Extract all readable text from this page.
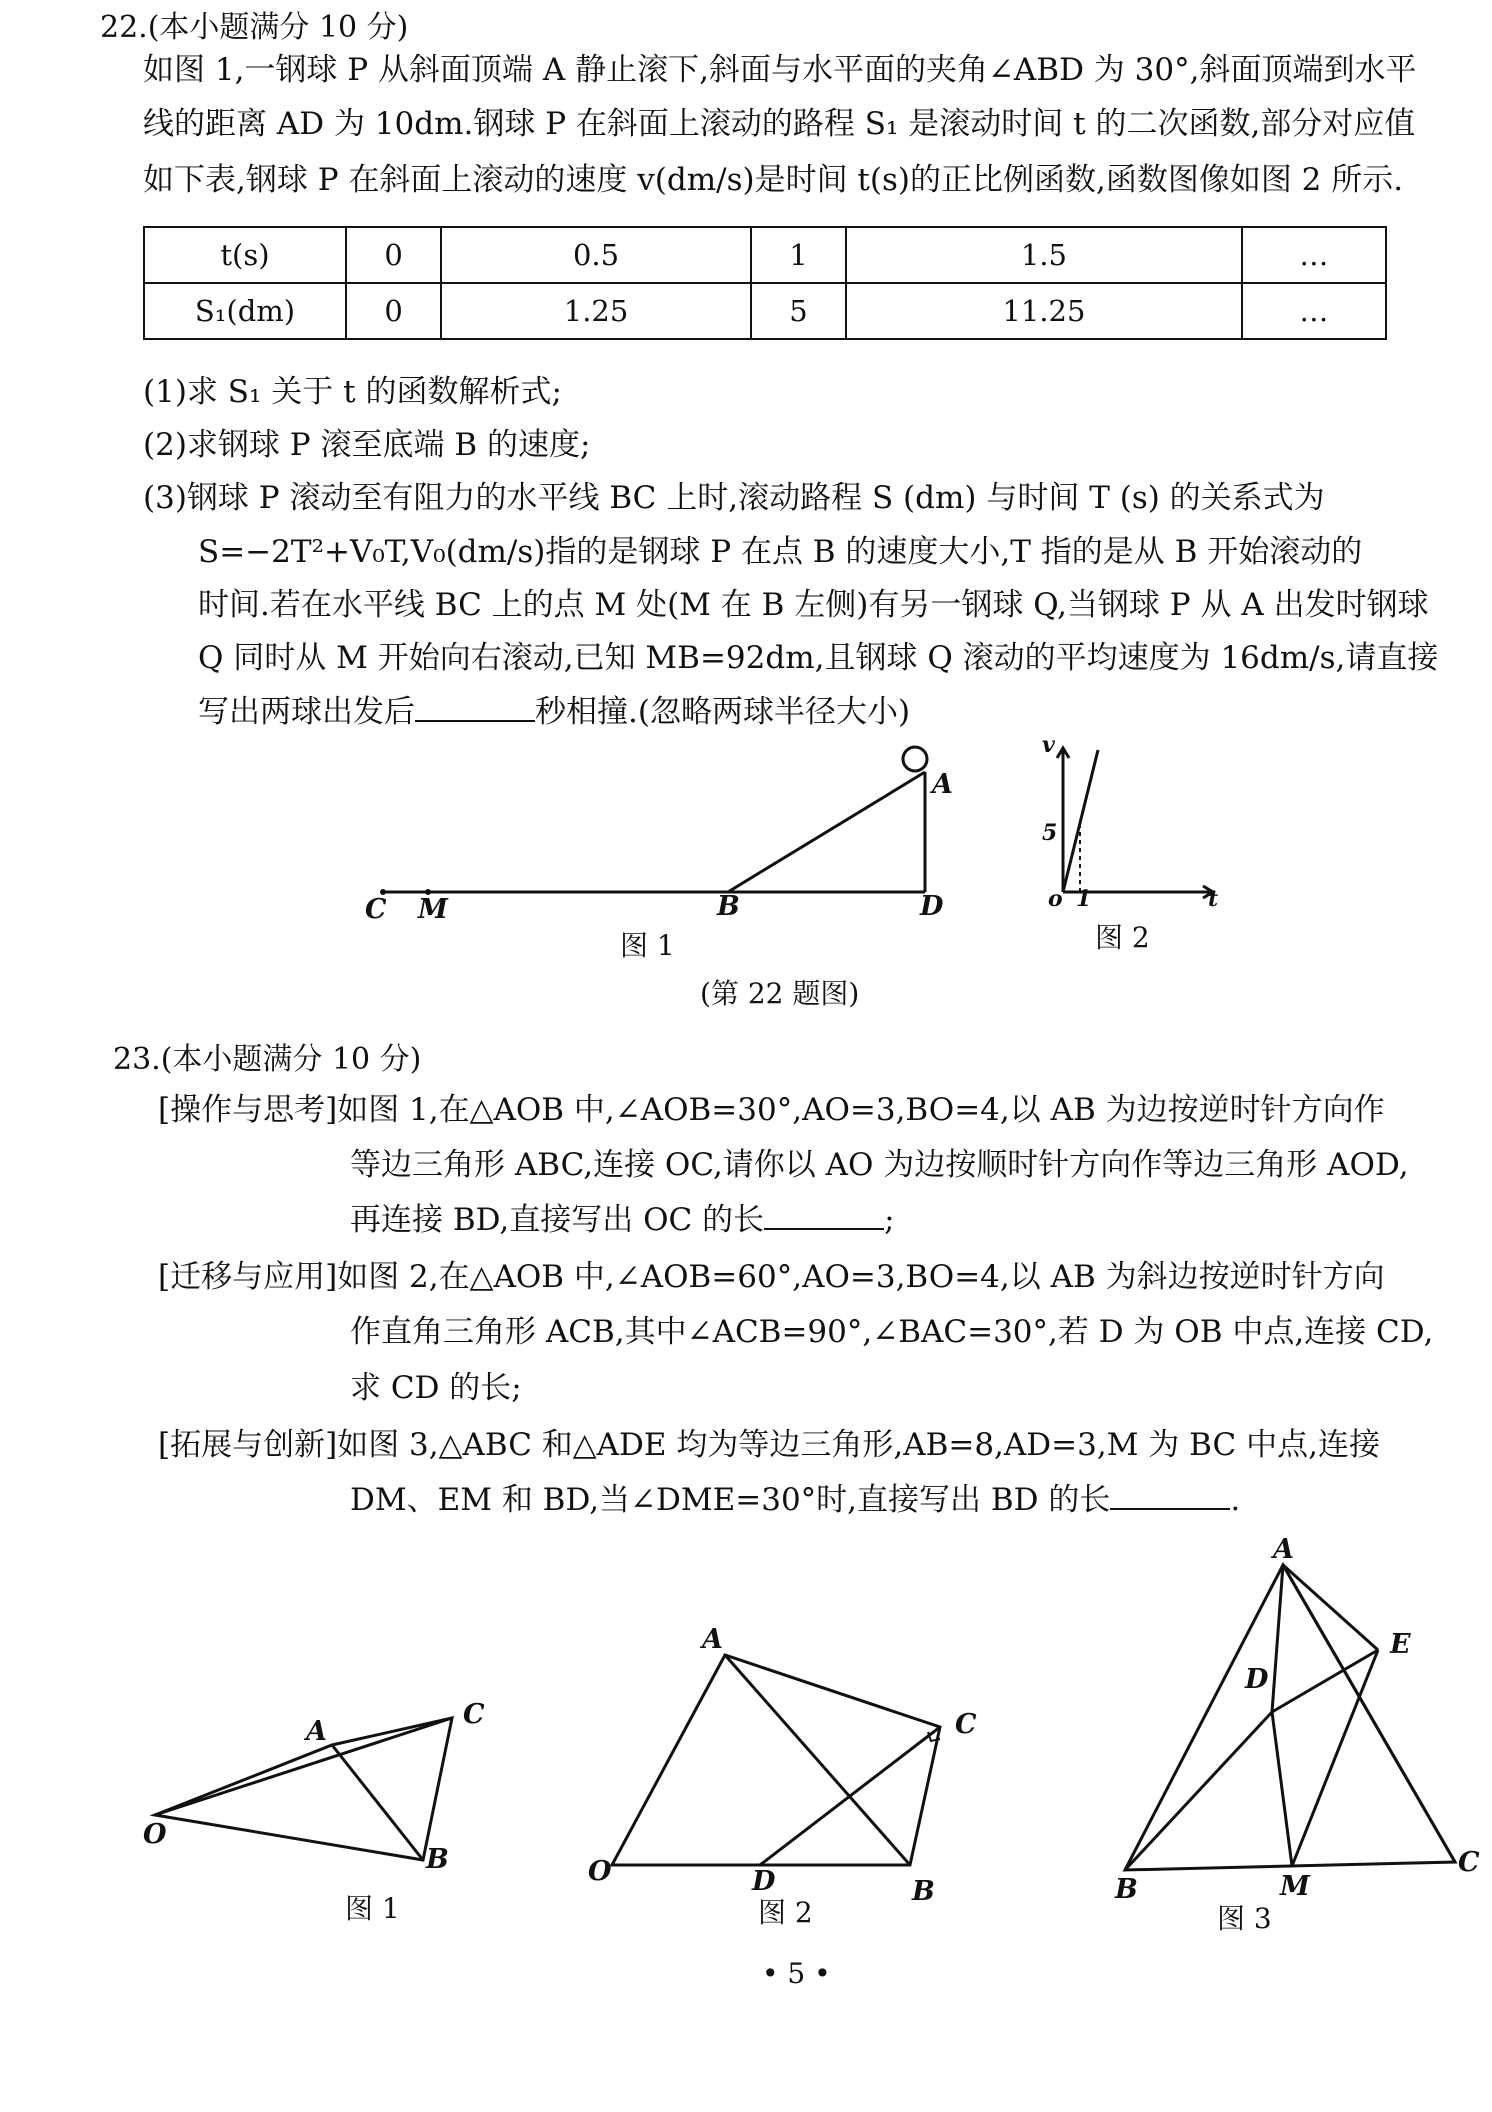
22.(本小题满分 10 分)
如图 1,一钢球 P 从斜面顶端 A 静止滚下,斜面与水平面的夹角∠ABD 为 30°,斜面顶端到水平
线的距离 AD 为 10dm.钢球 P 在斜面上滚动的路程 S₁ 是滚动时间 t 的二次函数,部分对应值
如下表,钢球 P 在斜面上滚动的速度 v(dm/s)是时间 t(s)的正比例函数,函数图像如图 2 所示.
t(s)	0	0.5	1	1.5	…
S₁(dm)	0	1.25	5	11.25	…
(1)求 S₁ 关于 t 的函数解析式;
(2)求钢球 P 滚至底端 B 的速度;
(3)钢球 P 滚动至有阻力的水平线 BC 上时,滚动路程 S (dm) 与时间 T (s) 的关系式为
S=−2T²+V₀T,V₀(dm/s)指的是钢球 P 在点 B 的速度大小,T 指的是从 B 开始滚动的
时间.若在水平线 BC 上的点 M 处(M 在 B 左侧)有另一钢球 Q,当钢球 P 从 A 出发时钢球
Q 同时从 M 开始向右滚动,已知 MB=92dm,且钢球 Q 滚动的平均速度为 16dm/s,请直接
写出两球出发后	秒相撞.(忽略两球半径大小)
C M	B	D
A
图 1
v
5
o 1	t
图 2
(第 22 题图)
23.(本小题满分 10 分)
[操作与思考]如图 1,在△AOB 中,∠AOB=30°,AO=3,BO=4,以 AB 为边按逆时针方向作
等边三角形 ABC,连接 OC,请你以 AO 为边按顺时针方向作等边三角形 AOD,
再连接 BD,直接写出 OC 的长	;
[迁移与应用]如图 2,在△AOB 中,∠AOB=60°,AO=3,BO=4,以 AB 为斜边按逆时针方向
作直角三角形 ACB,其中∠ACB=90°,∠BAC=30°,若 D 为 OB 中点,连接 CD,
求 CD 的长;
[拓展与创新]如图 3,△ABC 和△ADE 均为等边三角形,AB=8,AD=3,M 为 BC 中点,连接
DM、EM 和 BD,当∠DME=30°时,直接写出 BD 的长	.
A
C
O
B
图 1
A
C
O	D	B
图 2
A
E
D
B	M
C
图 3
• 5 •
